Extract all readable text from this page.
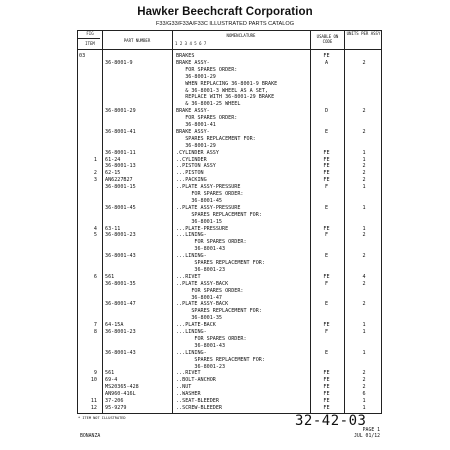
Hawker Beechcraft Corporation
F33/G33/F33A/F33C ILLUSTRATED PARTS CATALOG
FIG
ITEM
PART NUMBER
NOMENCLATURE
1 2 3 4 5 6 7
USABLE ON CODE
UNITS PER ASSY
03	BRAKES	FE
36-8001-9	BRAKE ASSY-	A	2
FOR SPARES ORDER:
36-8001-29
WHEN REPLACING 36-8001-9 BRAKE
& 36-8001-3 WHEEL AS A SET,
REPLACE WITH 36-8001-29 BRAKE
& 36-8001-25 WHEEL
36-8001-29	BRAKE ASSY-	D	2
FOR SPARES ORDER:
36-8001-41
36-8001-41	BRAKE ASSY-	E	2
SPARES REPLACEMENT FOR:
36-8001-29
36-8001-11	.CYLINDER ASSY	FE	1
1 61-24	..CYLINDER	FE	1
36-8001-13	..PISTON ASSY	FE	2
2 62-15	...PISTON	FE	2
3 AN6227B27	...PACKING	FE	2
36-8001-15	..PLATE ASSY-PRESSURE	F	1
FOR SPARES ORDER:
36-8001-45
36-8001-45	..PLATE ASSY-PRESSURE	E	1
SPARES REPLACEMENT FOR:
36-8001-15
4 63-11	...PLATE-PRESSURE	FE	1
5 36-8001-23	...LINING-	F	2
FOR SPARES ORDER:
36-8001-43
36-8001-43	...LINING-	E	2
SPARES REPLACEMENT FOR:
36-8001-23
6 561	...RIVET	FE	4
36-8001-35	..PLATE ASSY-BACK	F	2
FOR SPARES ORDER:
36-8001-47
36-8001-47	..PLATE ASSY-BACK	E	2
SPARES REPLACEMENT FOR:
36-8001-35
7 64-15A	...PLATE-BACK	FE	1
8 36-8001-23	...LINING-	F	1
FOR SPARES ORDER:
36-8001-43
36-8001-43	...LINING-	E	1
SPARES REPLACEMENT FOR:
36-8001-23
9 561	...RIVET	FE	2
10 69-4	..BOLT-ANCHOR	FE	2
MS20365-428	..NUT	FE	2
AN960-416L	..WASHER	FE	6
11 37-206	..SEAT-BLEEDER	FE	1
12 95-9279	..SCREW-BLEEDER	FE	1
* ITEM NOT ILLUSTRATED
BONANZA
32-42-03
PAGE 1
JUL 01/12
